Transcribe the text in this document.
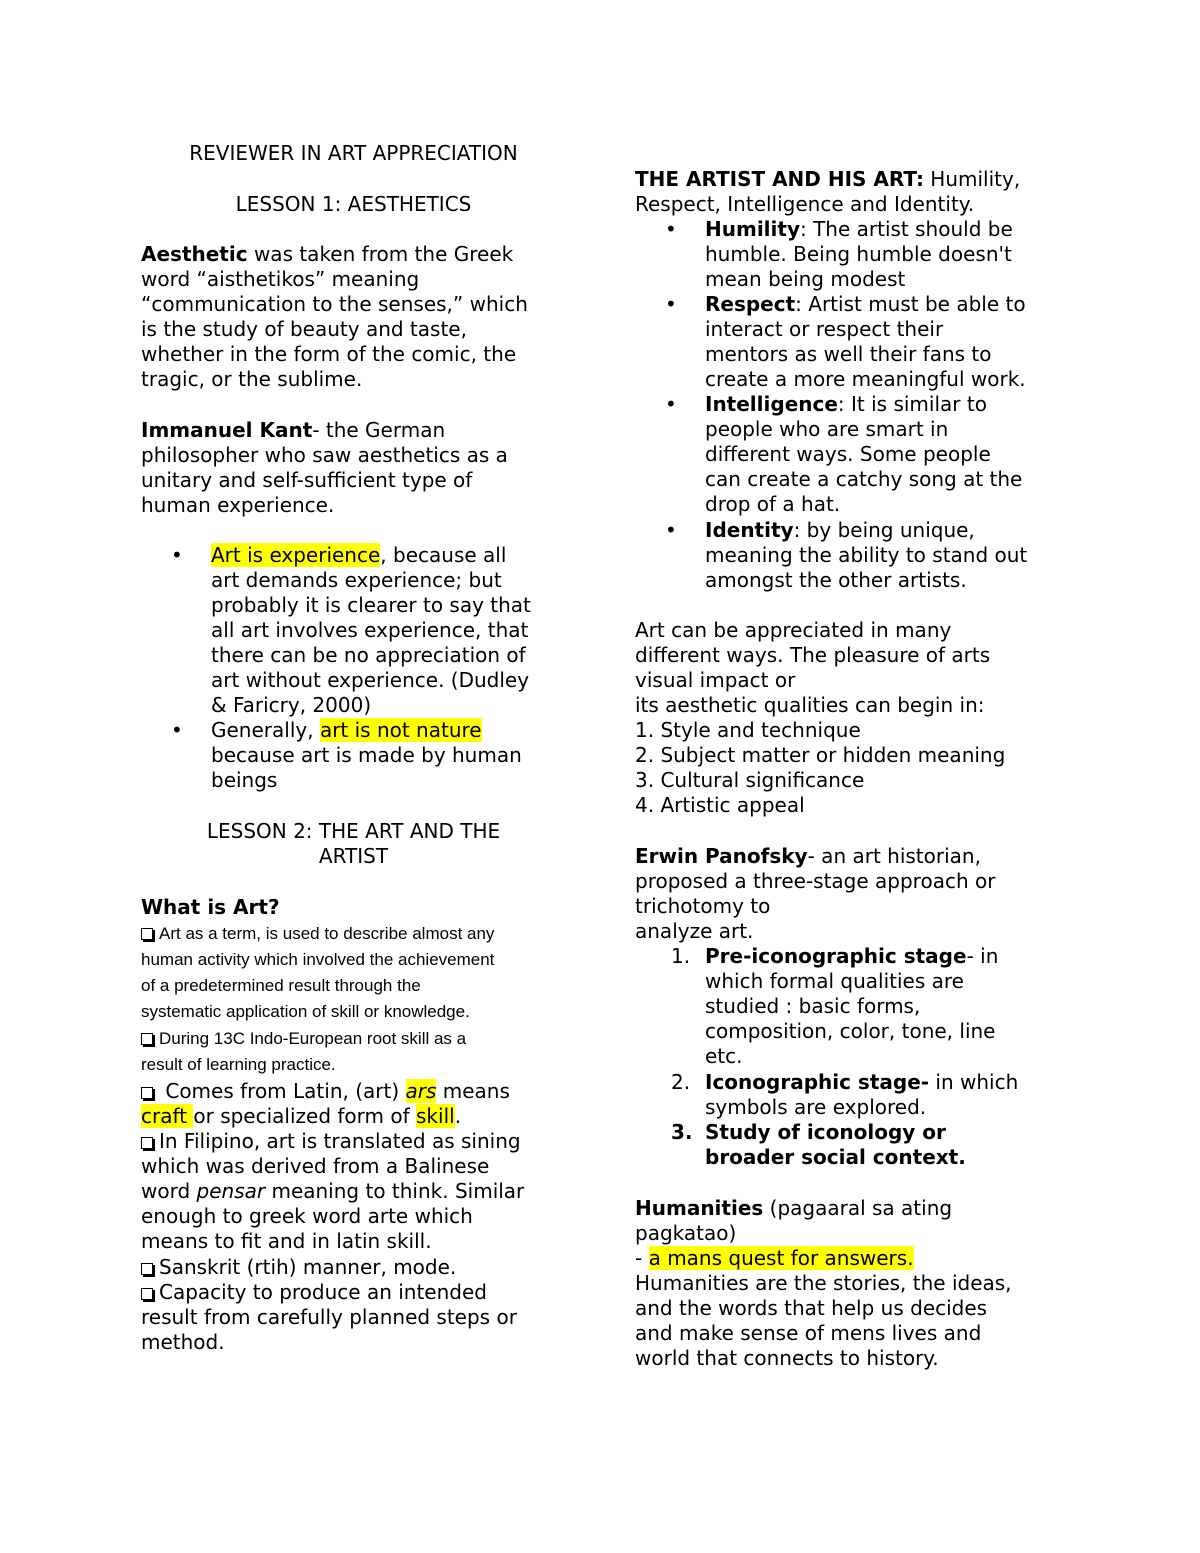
REVIEWER IN ART APPRECIATION
LESSON 1: AESTHETICS
Aesthetic was taken from the Greek
word “aisthetikos” meaning
“communication to the senses,” which
is the study of beauty and taste,
whether in the form of the comic, the
tragic, or the sublime.
Immanuel Kant- the German
philosopher who saw aesthetics as a
unitary and self-sufficient type of
human experience.
• Art is experience, because all
art demands experience; but
probably it is clearer to say that
all art involves experience, that
there can be no appreciation of
art without experience. (Dudley
& Faricry, 2000)
• Generally, art is not nature
because art is made by human
beings
LESSON 2: THE ART AND THE
ARTIST
What is Art?
Art as a term, is used to describe almost any
human activity which involved the achievement
of a predetermined result through the
systematic application of skill or knowledge.
During 13C Indo-European root skill as a
result of learning practice.
Comes from Latin, (art) ars means
craft or specialized form of skill.
In Filipino, art is translated as sining
which was derived from a Balinese
word pensar meaning to think. Similar
enough to greek word arte which
means to fit and in latin skill.
Sanskrit (rtih) manner, mode.
Capacity to produce an intended
result from carefully planned steps or
method.
THE ARTIST AND HIS ART: Humility,
Respect, Intelligence and Identity.
• Humility: The artist should be
humble. Being humble doesn't
mean being modest
• Respect: Artist must be able to
interact or respect their
mentors as well their fans to
create a more meaningful work.
• Intelligence: It is similar to
people who are smart in
different ways. Some people
can create a catchy song at the
drop of a hat.
• Identity: by being unique,
meaning the ability to stand out
amongst the other artists.
Art can be appreciated in many
different ways. The pleasure of arts
visual impact or
its aesthetic qualities can begin in:
1. Style and technique
2. Subject matter or hidden meaning
3. Cultural significance
4. Artistic appeal
Erwin Panofsky- an art historian,
proposed a three-stage approach or
trichotomy to
analyze art.
1. Pre-iconographic stage- in
which formal qualities are
studied : basic forms,
composition, color, tone, line
etc.
2. Iconographic stage- in which
symbols are explored.
3. Study of iconology or
broader social context.
Humanities (pagaaral sa ating
pagkatao)
- a mans quest for answers.
Humanities are the stories, the ideas,
and the words that help us decides
and make sense of mens lives and
world that connects to history.
